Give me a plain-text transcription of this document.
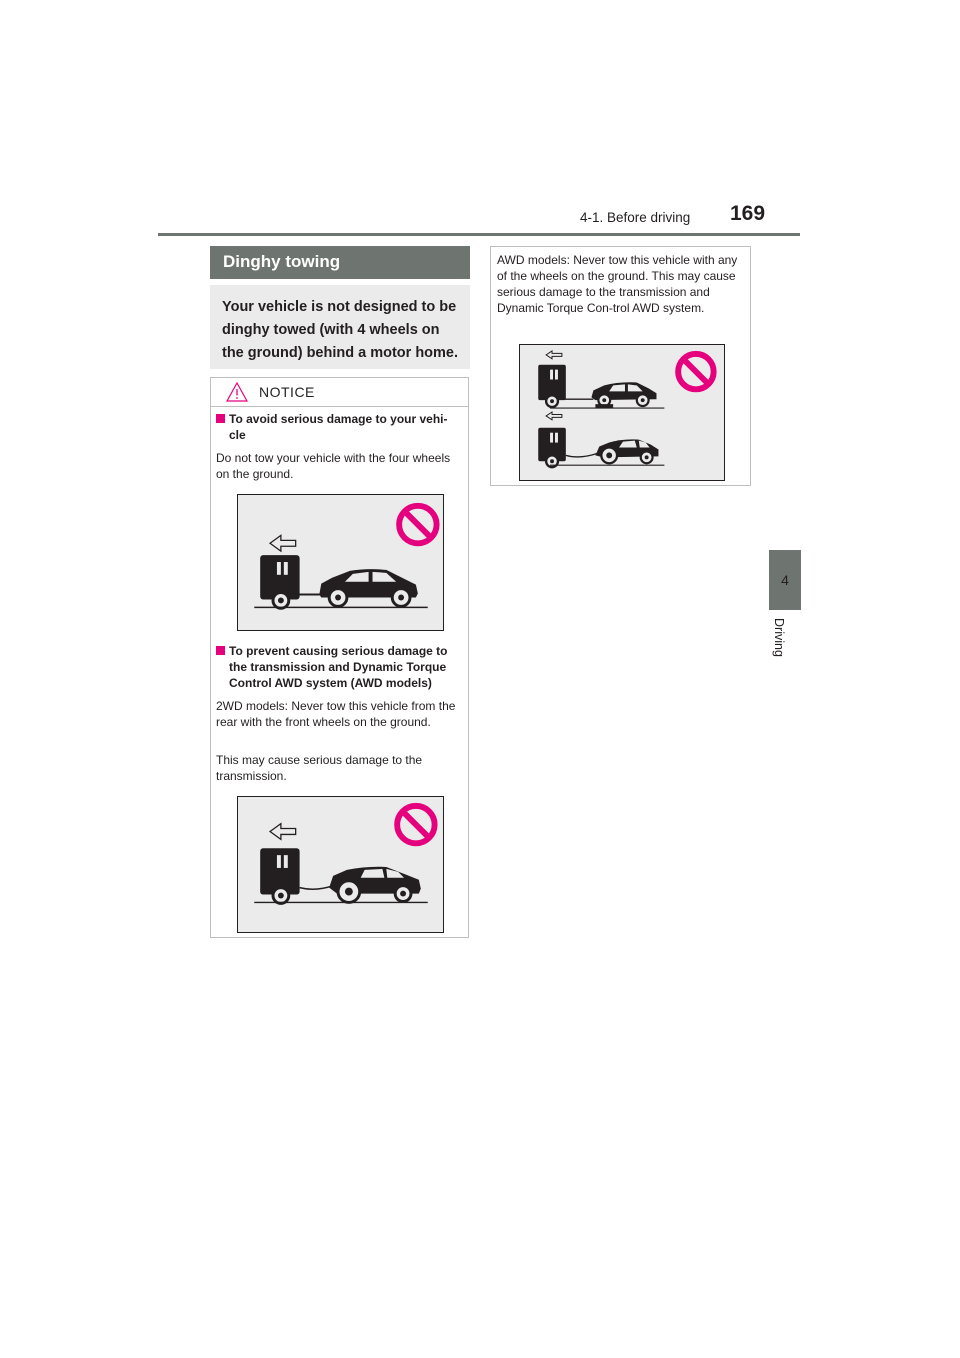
4-1. Before driving 169
4
Driving
Dinghy towing

Your vehicle is not designed to be dinghy towed (with 4 wheels on the ground) behind a motor home.

NOTICE
To avoid serious damage to your vehi-
cle

Do not tow your vehicle with the four wheels on the ground.

To prevent causing serious damage to the transmission and Dynamic Torque Control AWD system (AWD models)

2WD models: Never tow this vehicle from the rear with the front wheels on the ground.

This may cause serious damage to the transmission.

AWD models: Never tow this vehicle with any of the wheels on the ground. This may cause serious damage to the transmission and Dynamic Torque Con-trol AWD system.
